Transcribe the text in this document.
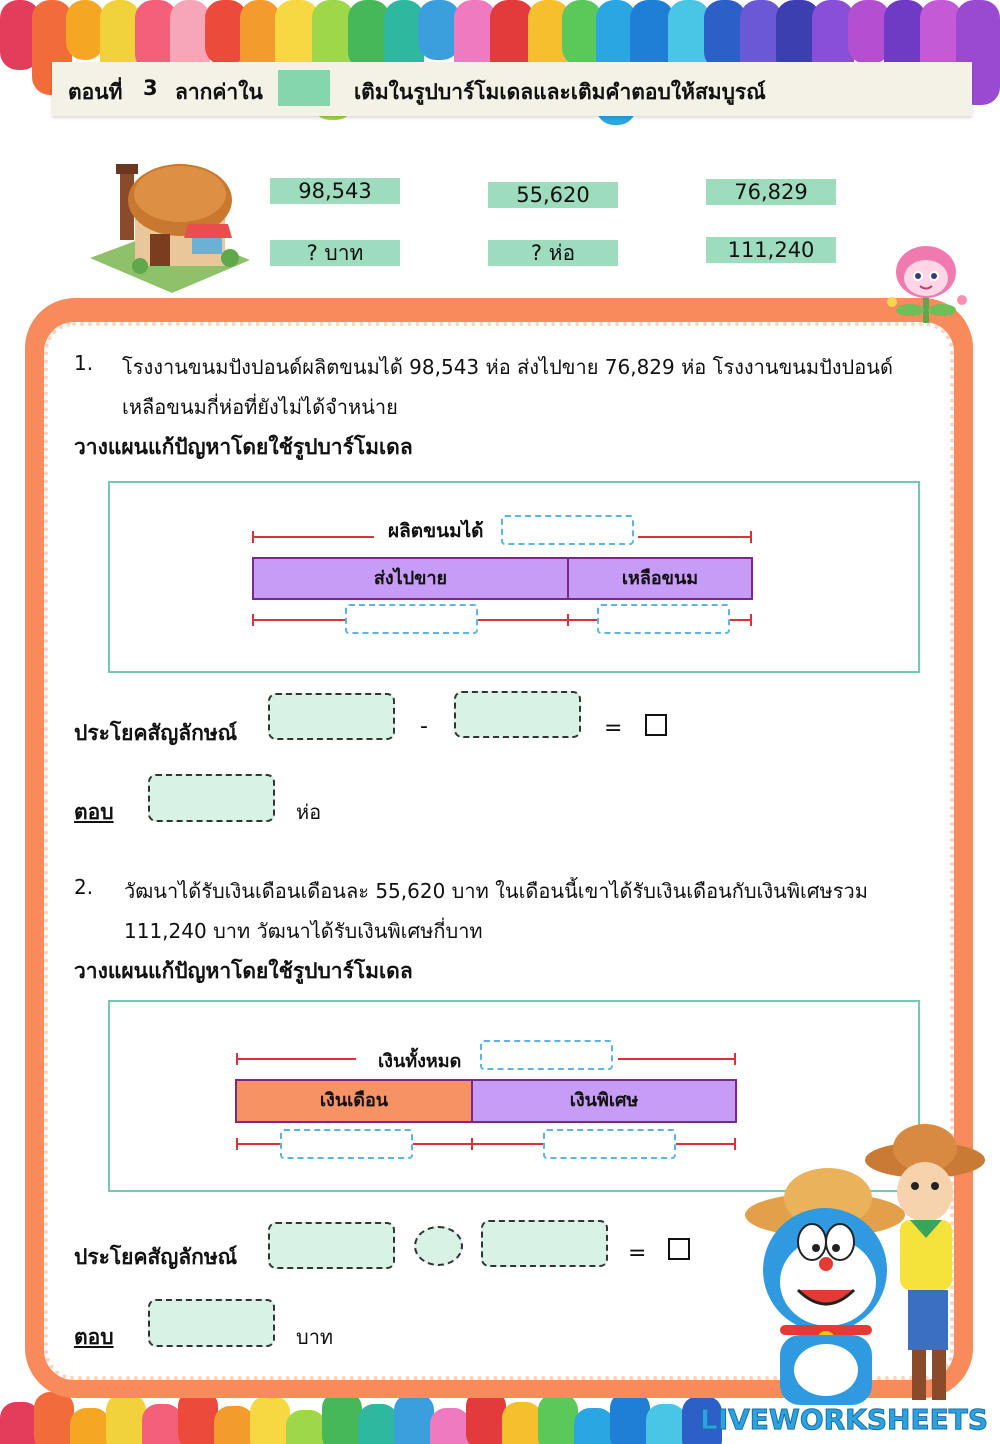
ตอนที่ 3 ลากค่าใน	เติมในรูปบาร์โมเดลและเติมคำตอบให้สมบูรณ์
98,543	55,620	76,829
? บาท	? ห่อ	111,240
1. โรงงานขนมปังปอนด์ผลิตขนมได้ 98,543 ห่อ ส่งไปขาย 76,829 ห่อ โรงงานขนมปังปอนด์
เหลือขนมกี่ห่อที่ยังไม่ได้จำหน่าย
วางแผนแก้ปัญหาโดยใช้รูปบาร์โมเดล
ผลิตขนมได้
ส่งไปขาย	เหลือขนม
ประโยคสัญลักษณ์	-	=
ตอบ	ห่อ
2. วัฒนาได้รับเงินเดือนเดือนละ 55,620 บาท ในเดือนนี้เขาได้รับเงินเดือนกับเงินพิเศษรวม
111,240 บาท วัฒนาได้รับเงินพิเศษกี่บาท
วางแผนแก้ปัญหาโดยใช้รูปบาร์โมเดล
เงินทั้งหมด
เงินเดือน	เงินพิเศษ
ประโยคสัญลักษณ์	=
ตอบ	บาท
LIVEWORKSHEETS
